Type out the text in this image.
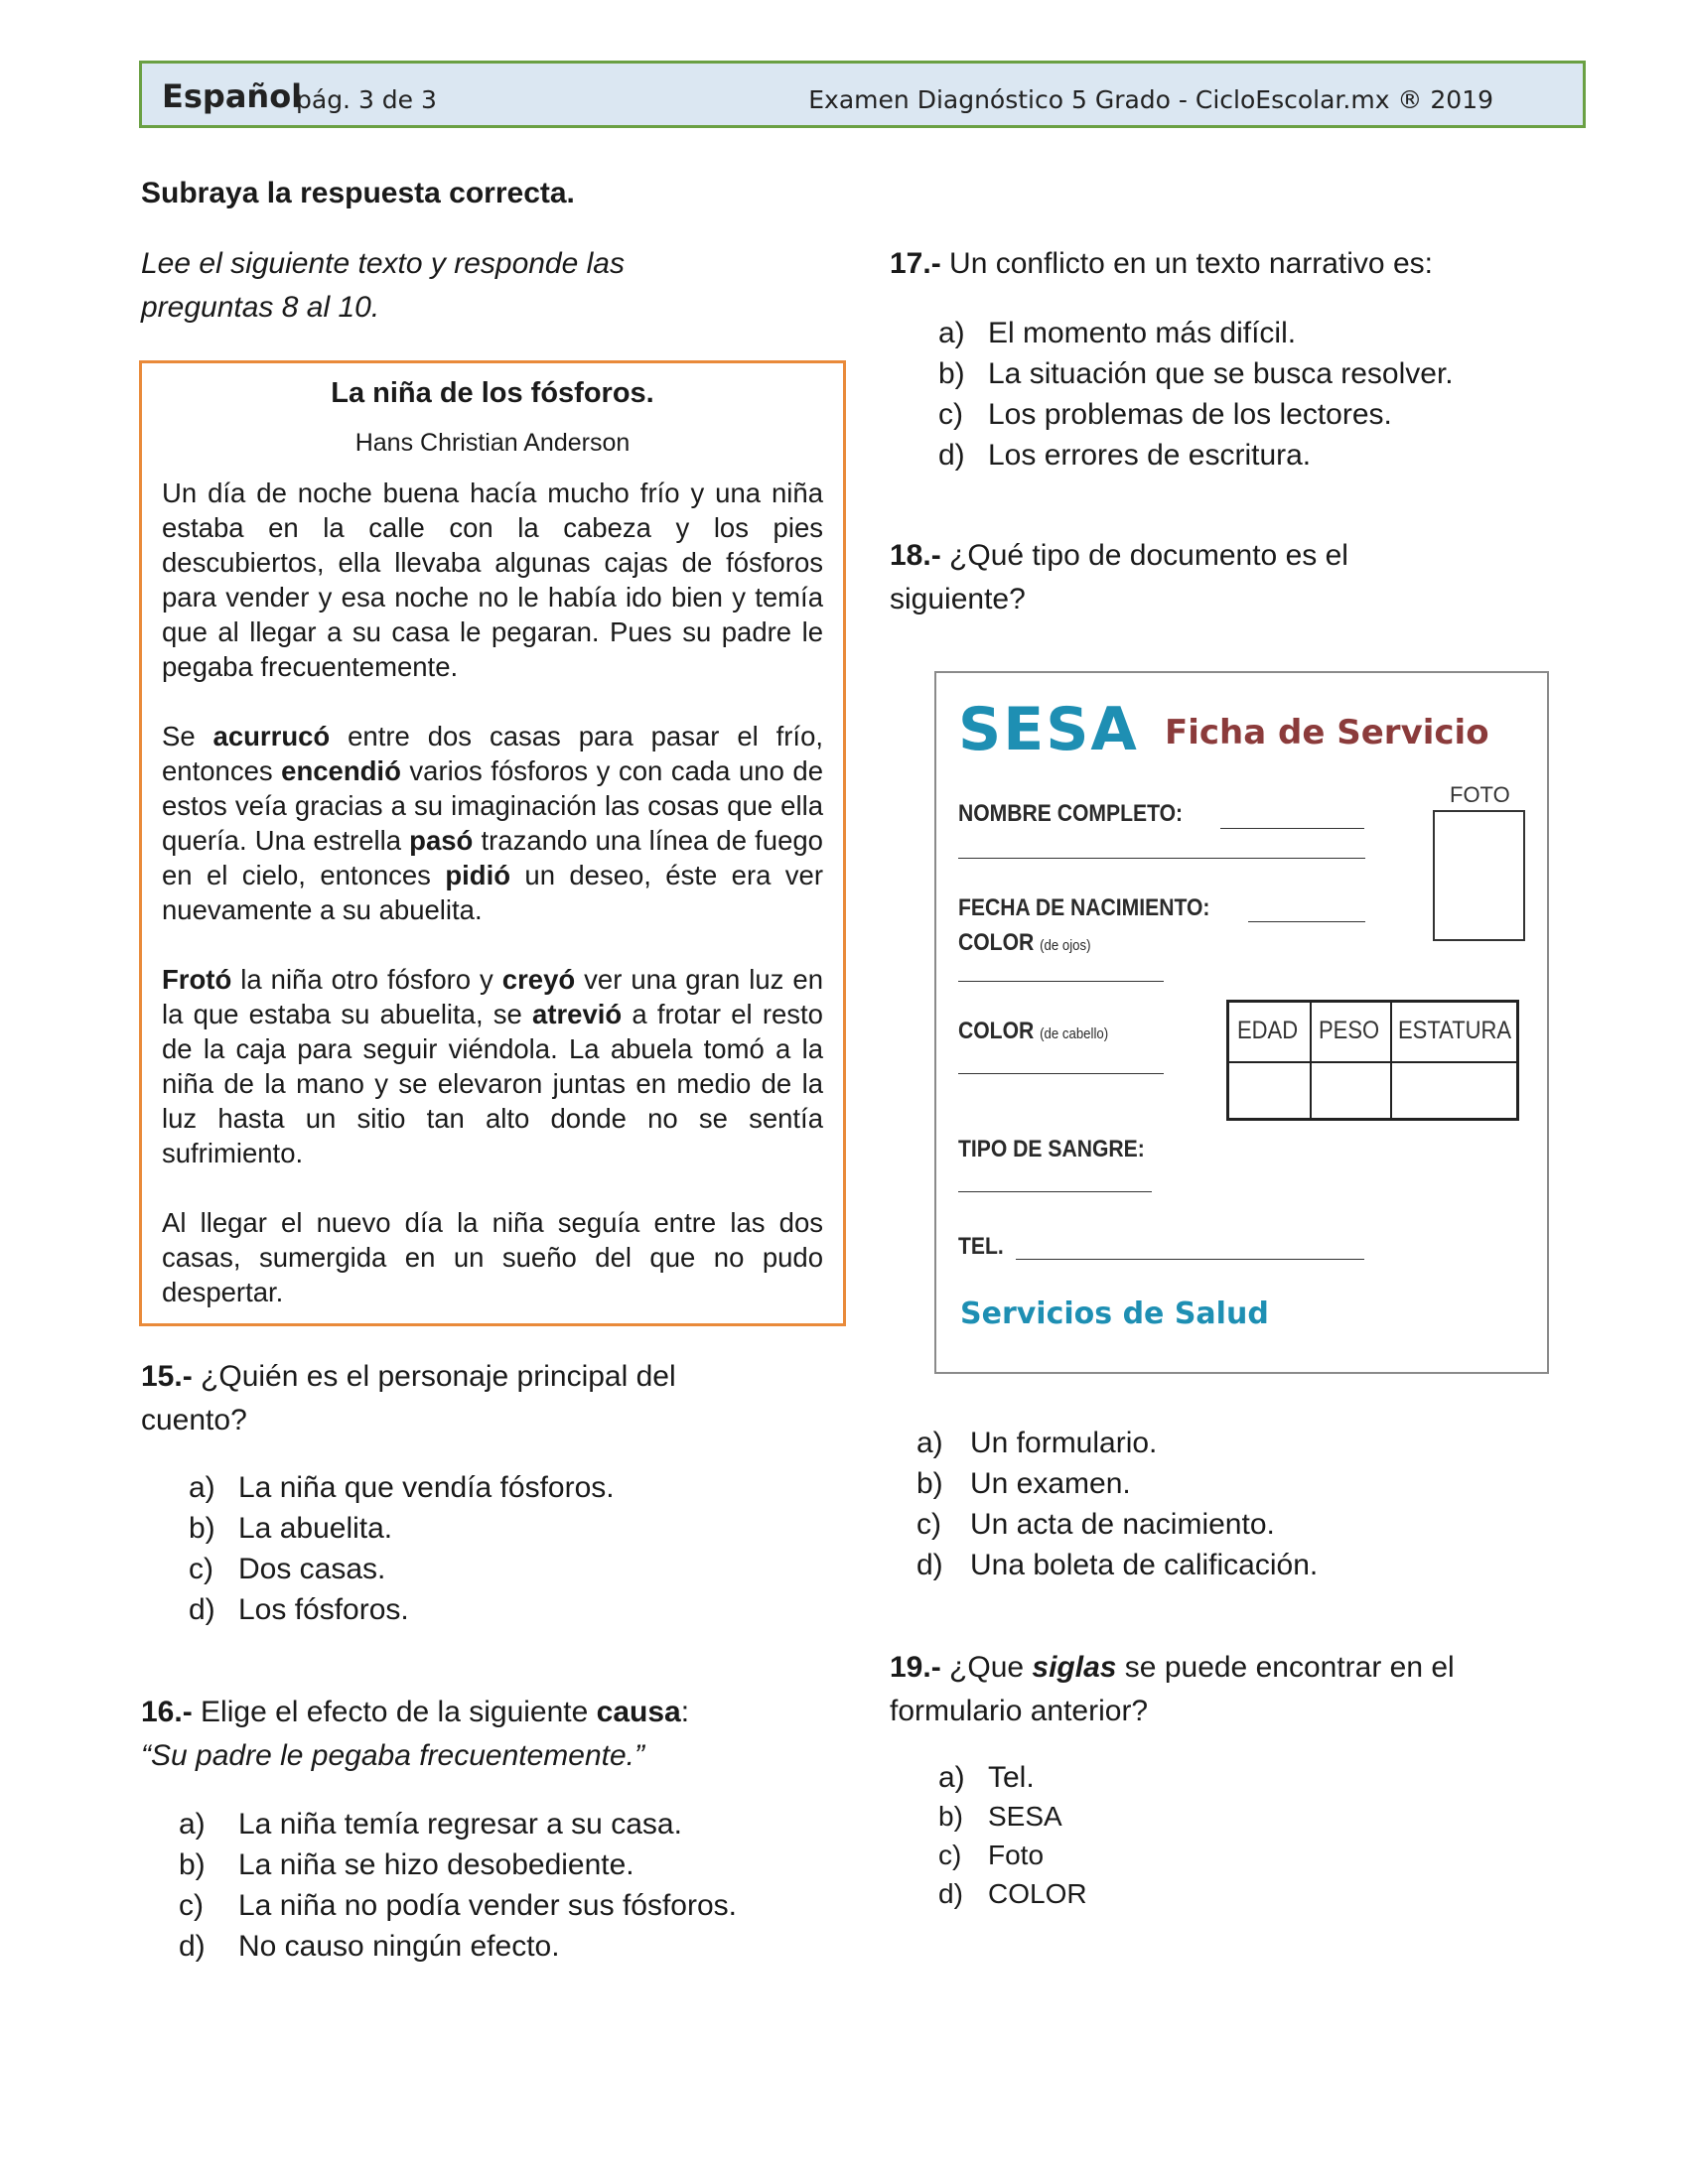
Español
pág. 3 de 3	Examen Diagnóstico 5 Grado - CicloEscolar.mx ® 2019
Subraya la respuesta correcta.
Lee el siguiente texto y responde las preguntas 8 al 10.
La niña de los fósforos.
Hans Christian Anderson
Un día de noche buena hacía mucho frío y una niña estaba en la calle con la cabeza y los pies descubiertos, ella llevaba algunas cajas de fósforos para vender y esa noche no le había ido bien y temía que al llegar a su casa le pegaran. Pues su padre le pegaba frecuentemente.
Se acurrucó entre dos casas para pasar el frío, entonces encendió varios fósforos y con cada uno de estos veía gracias a su imaginación las cosas que ella quería. Una estrella pasó trazando una línea de fuego en el cielo, entonces pidió un deseo, éste era ver nuevamente a su abuelita.
Frotó la niña otro fósforo y creyó ver una gran luz en la que estaba su abuelita, se atrevió a frotar el resto de la caja para seguir viéndola. La abuela tomó a la niña de la mano y se elevaron juntas en medio de la luz hasta un sitio tan alto donde no se sentía sufrimiento.
Al llegar el nuevo día la niña seguía entre las dos casas, sumergida en un sueño del que no pudo despertar.
15.- ¿Quién es el personaje principal del cuento?
a) La niña que vendía fósforos.
b) La abuelita.
c) Dos casas.
d) Los fósforos.
16.- Elige el efecto de la siguiente causa:
“Su padre le pegaba frecuentemente.”
a)	La niña temía regresar a su casa.
b)	La niña se hizo desobediente.
c)	La niña no podía vender sus fósforos.
d)	No causo ningún efecto.
17.- Un conflicto en un texto narrativo es:
a) El momento más difícil.
b) La situación que se busca resolver.
c) Los problemas de los lectores.
d) Los errores de escritura.
18.- ¿Qué tipo de documento es el siguiente?
SESA Ficha de Servicio
FOTO
NOMBRE COMPLETO:
FECHA DE NACIMIENTO:
COLOR (de ojos)
COLOR (de cabello)	EDAD PESO ESTATURA
TIPO DE SANGRE:
TEL.
Servicios de Salud
a) Un formulario.
b) Un examen.
c) Un acta de nacimiento.
d) Una boleta de calificación.
19.- ¿Que siglas se puede encontrar en el formulario anterior?
a) Tel.
b) SESA
c) Foto
d) COLOR
